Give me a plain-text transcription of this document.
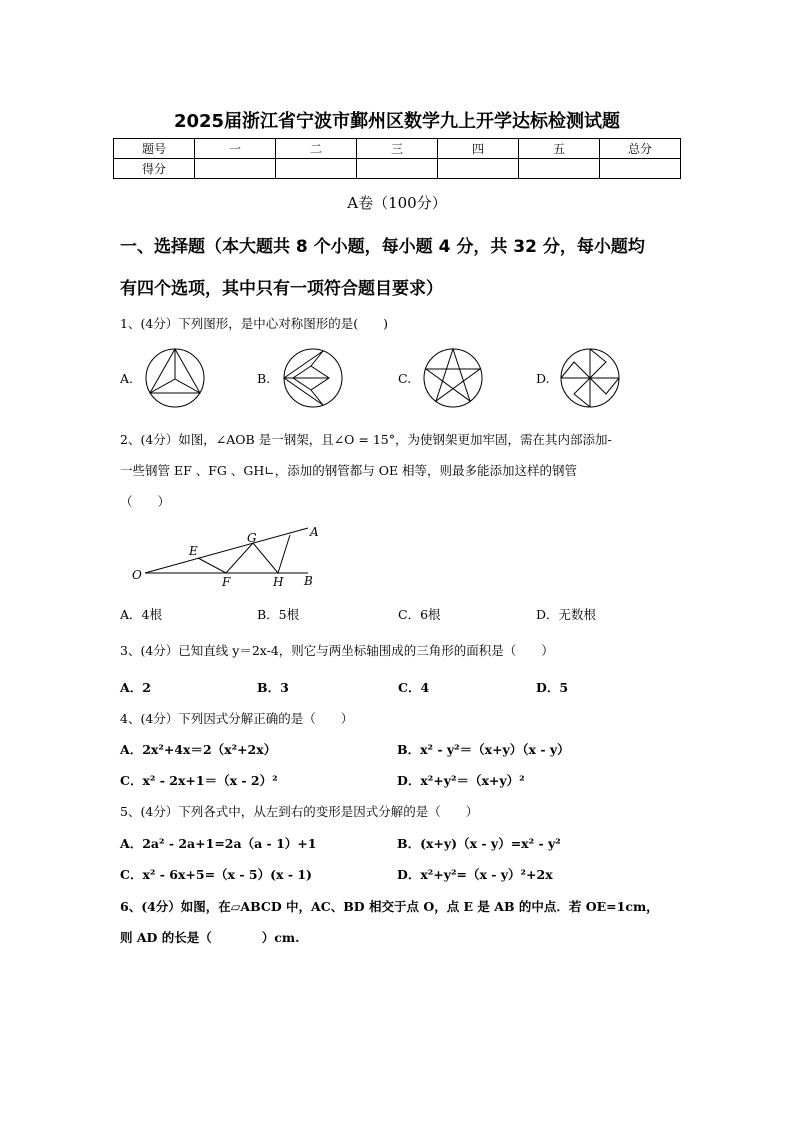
2025届浙江省宁波市鄞州区数学九上开学达标检测试题
题号	一	二	三	四	五	总分
得分						
A卷（100分）
一、选择题（本大题共 8 个小题，每小题 4 分，共 32 分，每小题均
有四个选项，其中只有一项符合题目要求）
1、(4分）下列图形，是中心对称图形的是(　　)
A.	B.	C.	D.
2、(4分）如图，∠AOB 是一钢架，且∠O = 15°，为使钢架更加牢固，需在其内部添加-
一些钢管 EF 、FG 、GH∟，添加的钢管都与 OE 相等，则最多能添加这样的钢管
（　　）
O
E
F
G
H
A
B
A．4根	B．5根	C．6根	D．无数根
3、(4分）已知直线 y＝2x-4，则它与两坐标轴围成的三角形的面积是（　　）
A．2	B．3	C．4	D．5
4、(4分）下列因式分解正确的是（　　）
A．2x²+4x＝2（x²+2x）	B．x² - y²＝（x+y）（x - y）
C．x² - 2x+1＝（x - 2）²	D．x²+y²＝（x+y）²
5、(4分）下列各式中，从左到右的变形是因式分解的是（　　）
A．2a² - 2a+1=2a（a - 1）+1	B．(x+y)（x - y）=x² - y²
C．x² - 6x+5=（x - 5）(x - 1)	D．x²+y²=（x - y）²+2x
6、(4分）如图，在▱ABCD 中，AC、BD 相交于点 O，点 E 是 AB 的中点．若 OE=1cm，
则 AD 的长是（　　　　）cm.
